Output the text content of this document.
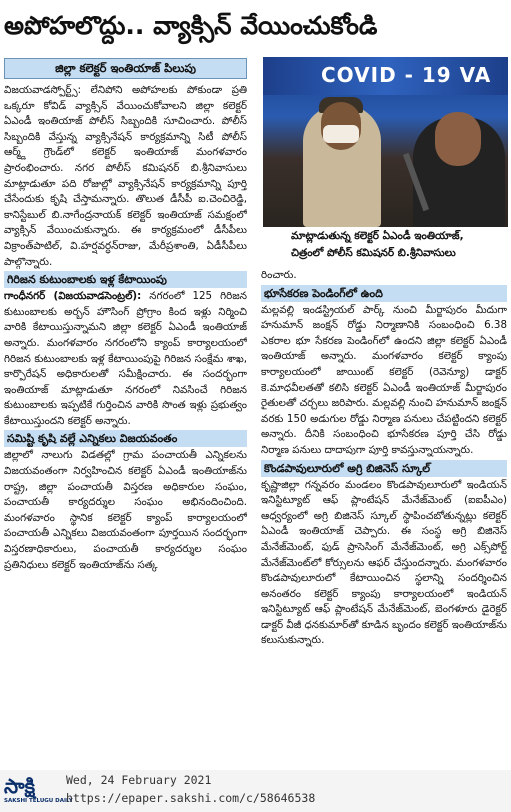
అపోహలొద్దు.. వ్యాక్సిన్ వేయించుకోండి
జిల్లా కలెక్టర్ ఇంతియాజ్ పిలుపు

విజయవాడస్పోర్ట్స్: లేనిపోని అపోహలకు పోకుండా ప్రతి ఒక్కరూ కోవిడ్ వ్యాక్సిన్ వేయించుకోవాలని జిల్లా కలెక్టర్ ఏఎండీ ఇంతియాజ్ పోలీస్ సిబ్బందికి సూచించారు. పోలీస్ సిబ్బందికి వేస్తున్న వ్యాక్సినేషన్ కార్యక్రమాన్ని సిటీ పోలీస్ ఆర్మ్డ్ గ్రౌండ్‌లో కలెక్టర్ ఇంతియాజ్ మంగళవారం ప్రారంభించారు. నగర పోలీస్ కమిషనర్ బి.శ్రీనివాసులు మాట్లాడుతూ పది రోజుల్లో వ్యాక్సినేషన్ కార్యక్రమాన్ని పూర్తి చేసేందుకు కృషి చేస్తామన్నారు. తొలుత డీసీపీ ఐ.చెంచిరెడ్డి, కానిస్టేబుల్ బి.నాగేంద్రనాయక్ కలెక్టర్ ఇంతియాజ్ సమక్షంలో వ్యాక్సిన్ వేయించుకున్నారు. ఈ కార్యక్రమంలో డీసీపీలు విక్రాంత్‌పాటిల్, వి.హర్షవర్ధన్‌రాజు, మేరీప్రశాంతి, ఏడీసీపీలు పాల్గొన్నారు.

గిరిజన కుటుంబాలకు ఇళ్ల కేటాయింపు

గాంధీనగర్ (విజయవాడసెంట్రల్): నగరంలో 125 గిరిజన కుటుంబాలకు అర్బన్ హౌసింగ్ ప్రోగ్రాం కింద ఇళ్లు నిర్మించి వారికి కేటాయిస్తున్నామని జిల్లా కలెక్టర్ ఏఎండీ ఇంతియాజ్ అన్నారు. మంగళవారం నగరంలోని క్యాంప్ కార్యాలయంలో గిరిజన కుటుంబాలకు ఇళ్ల కేటాయింపుపై గిరిజన సంక్షేమ శాఖ, కార్పొరేషన్ అధికారులతో సమీక్షించారు. ఈ సందర్భంగా ఇంతియాజ్ మాట్లాడుతూ నగరంలో నివసించే గిరిజన కుటుంబాలకు ఇప్పటికే గుర్తించిన వారికి సొంత ఇళ్లు ప్రభుత్వం కేటాయిస్తుందని కలెక్టర్ అన్నారు.

సమిష్టి కృషి వల్లే ఎన్నికలు విజయవంతం

జిల్లాలో నాలుగు విడతల్లో గ్రామ పంచాయతీ ఎన్నికలను విజయవంతంగా నిర్వహించిన కలెక్టర్ ఏఎండీ ఇంతియాజ్‌ను రాష్ట్ర, జిల్లా పంచాయతీ విస్తరణ అధికారుల సంఘం, పంచాయతీ కార్యదర్శుల సంఘం అభినందించింది. మంగళవారం స్థానిక కలెక్టర్ క్యాంప్ కార్యాలయంలో పంచాయతీ ఎన్నికలు విజయవంతంగా పూర్తయిన సందర్భంగా విస్తరణాధికారులు, పంచాయతీ కార్యదర్శుల సంఘం ప్రతినిధులు కలెక్టర్ ఇంతియాజ్‌ను సత్క

COVID - 19 VA
మాట్లాడుతున్న కలెక్టర్ ఏఎండీ ఇంతియాజ్,
చిత్రంలో పోలీస్ కమిషనర్ బి.శ్రీనివాసులు

రించారు.

భూసేకరణ పెండింగ్‌లో ఉంది

మల్లవల్లి ఇండస్ట్రియల్ పార్క్ నుంచి మీర్జాపురం మీదుగా హనుమాన్ జంక్షన్ రోడ్డు నిర్మాణానికి సంబంధించి 6.38 ఎకరాల భూ సేకరణ పెండింగ్‌లో ఉందని జిల్లా కలెక్టర్ ఏఎండీ ఇంతియాజ్ అన్నారు. మంగళవారం కలెక్టర్ క్యాంపు కార్యాలయంలో జాయింట్ కలెక్టర్ (రెవెన్యూ) డాక్టర్ కె.మాధవీలతతో కలిసి కలెక్టర్ ఏఎండీ ఇంతియాజ్ మీర్జాపురం రైతులతో చర్చలు జరిపారు. మల్లవల్లి నుంచి హనుమాన్ జంక్షన్ వరకు 150 అడుగుల రోడ్డు నిర్మాణ పనులు చేపట్టిందని కలెక్టర్ అన్నారు. దీనికి సంబంధించి భూసేకరణ పూర్తి చేసి రోడ్డు నిర్మాణ పనులు దాదాపుగా పూర్తి కావస్తున్నాయన్నారు.

కొండపావులూరులో అగ్రి బిజినెస్ స్కూల్

కృష్ణాజిల్లా గన్నవరం మండలం కొండపావులూరులో ఇండియన్ ఇనిస్టిట్యూట్ ఆఫ్ ప్లాంటేషన్ మేనేజ్‌మెంట్ (ఐఐపీఎం) ఆధ్వర్యంలో అగ్రి బిజినెస్ స్కూల్ స్థాపించబోతున్నట్లు కలెక్టర్ ఏఎండీ ఇంతియాజ్ చెప్పారు. ఈ సంస్థ అగ్రి బిజినెస్ మేనేజ్‌మెంట్, ఫుడ్ ప్రాసెసింగ్ మేనేజ్‌మెంట్, అగ్రి ఎక్స్‌పోర్ట్ మేనేజ్‌మెంట్‌లో కోర్సులను ఆఫర్ చేస్తుందన్నారు. మంగళవారం కొండపావులూరులో కేటాయించిన స్థలాన్ని సందర్శించిన అనంతరం కలెక్టర్ క్యాంపు కార్యాలయంలో ఇండియన్ ఇనిస్టిట్యూట్ ఆఫ్ ప్లాంటేషన్ మేనేజ్‌మెంట్, బెంగళూరు డైరెక్టర్ డాక్టర్ వీజీ ధనకుమార్‌తో కూడిన బృందం కలెక్టర్ ఇంతియాజ్‌ను కలుసుకున్నారు.

సాక్షి
SAKSHI TELUGU DAILY
Wed, 24 February 2021
https://epaper.sakshi.com/c/58646538
